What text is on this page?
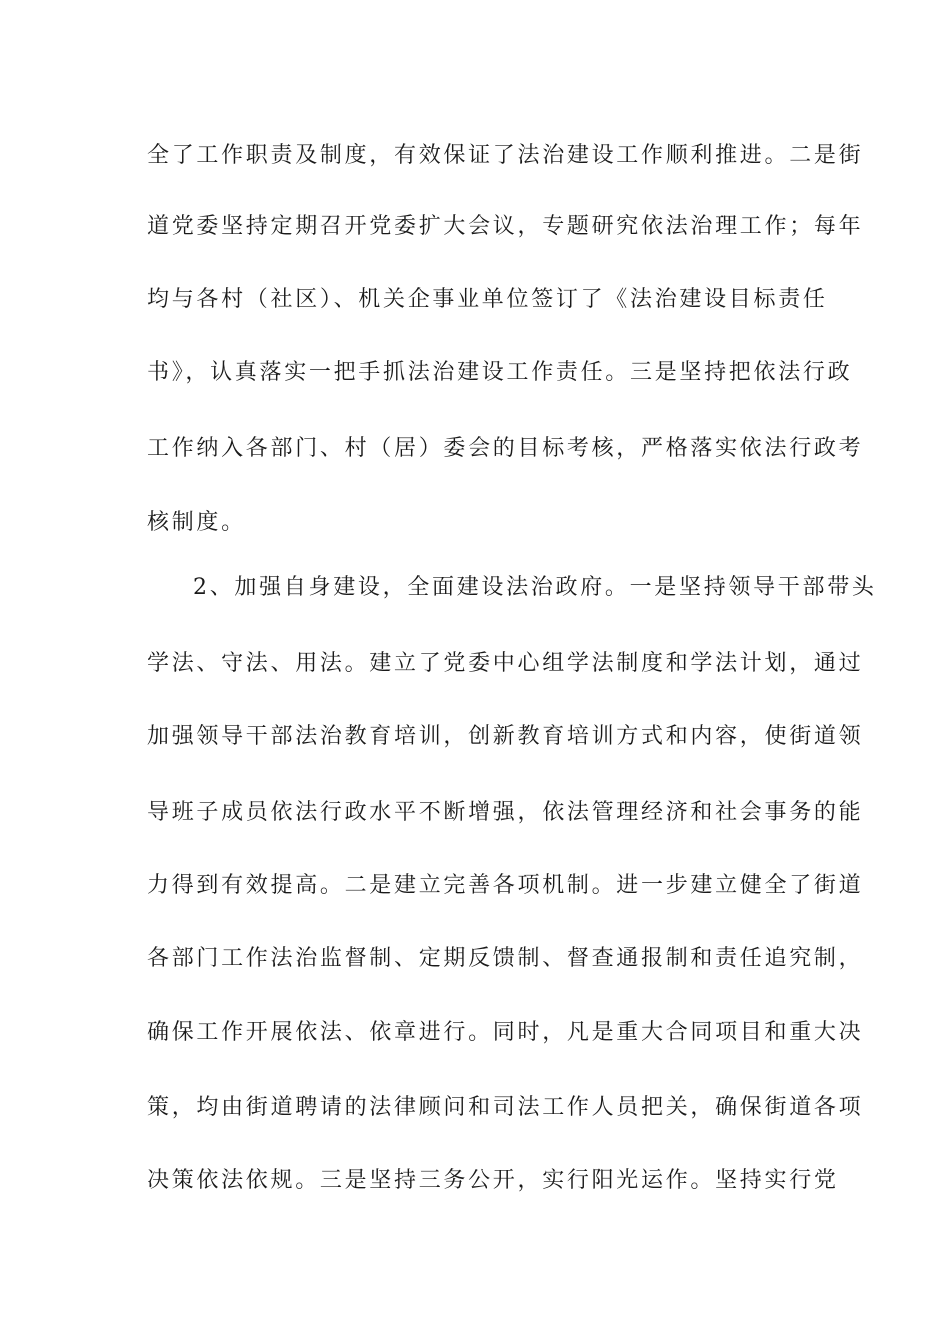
全了工作职责及制度，有效保证了法治建设工作顺利推进。二是街
道党委坚持定期召开党委扩大会议，专题研究依法治理工作；每年
均与各村（社区）、机关企事业单位签订了《法治建设目标责任
书》，认真落实一把手抓法治建设工作责任。三是坚持把依法行政
工作纳入各部门、村（居）委会的目标考核，严格落实依法行政考
核制度。
2、加强自身建设，全面建设法治政府。一是坚持领导干部带头
学法、守法、用法。建立了党委中心组学法制度和学法计划，通过
加强领导干部法治教育培训，创新教育培训方式和内容，使街道领
导班子成员依法行政水平不断增强，依法管理经济和社会事务的能
力得到有效提高。二是建立完善各项机制。进一步建立健全了街道
各部门工作法治监督制、定期反馈制、督查通报制和责任追究制，
确保工作开展依法、依章进行。同时，凡是重大合同项目和重大决
策，均由街道聘请的法律顾问和司法工作人员把关，确保街道各项
决策依法依规。三是坚持三务公开，实行阳光运作。坚持实行党
